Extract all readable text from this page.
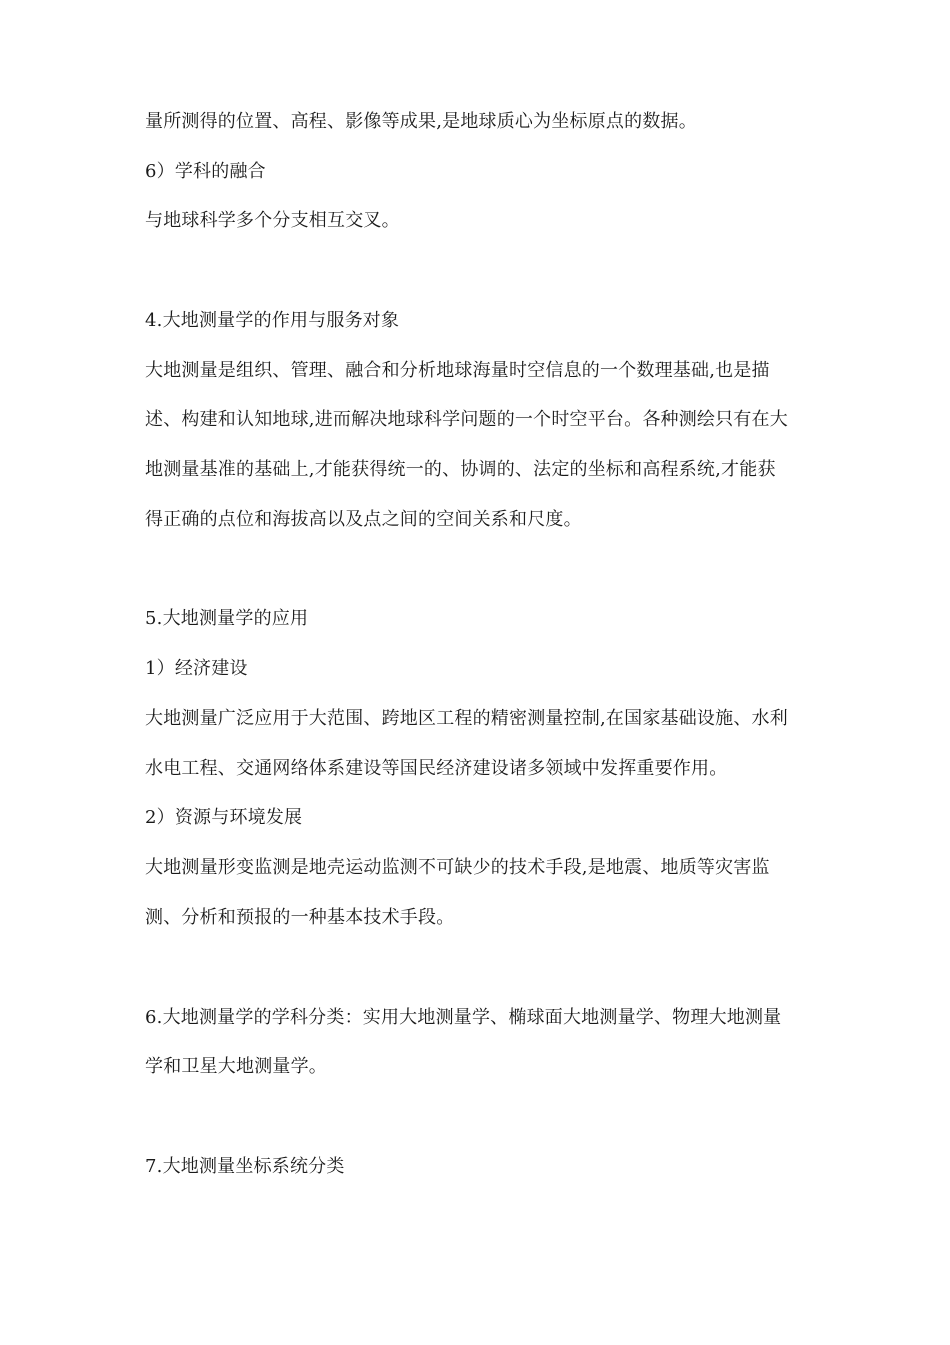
量所测得的位置、高程、影像等成果,是地球质心为坐标原点的数据。
6）学科的融合
与地球科学多个分支相互交叉。
4.大地测量学的作用与服务对象
大地测量是组织、管理、融合和分析地球海量时空信息的一个数理基础,也是描
述、构建和认知地球,进而解决地球科学问题的一个时空平台。各种测绘只有在大
地测量基准的基础上,才能获得统一的、协调的、法定的坐标和高程系统,才能获
得正确的点位和海拔高以及点之间的空间关系和尺度。
5.大地测量学的应用
1）经济建设
大地测量广泛应用于大范围、跨地区工程的精密测量控制,在国家基础设施、水利
水电工程、交通网络体系建设等国民经济建设诸多领域中发挥重要作用。
2）资源与环境发展
大地测量形变监测是地壳运动监测不可缺少的技术手段,是地震、地质等灾害监
测、分析和预报的一种基本技术手段。
6.大地测量学的学科分类：实用大地测量学、椭球面大地测量学、物理大地测量
学和卫星大地测量学。
7.大地测量坐标系统分类
